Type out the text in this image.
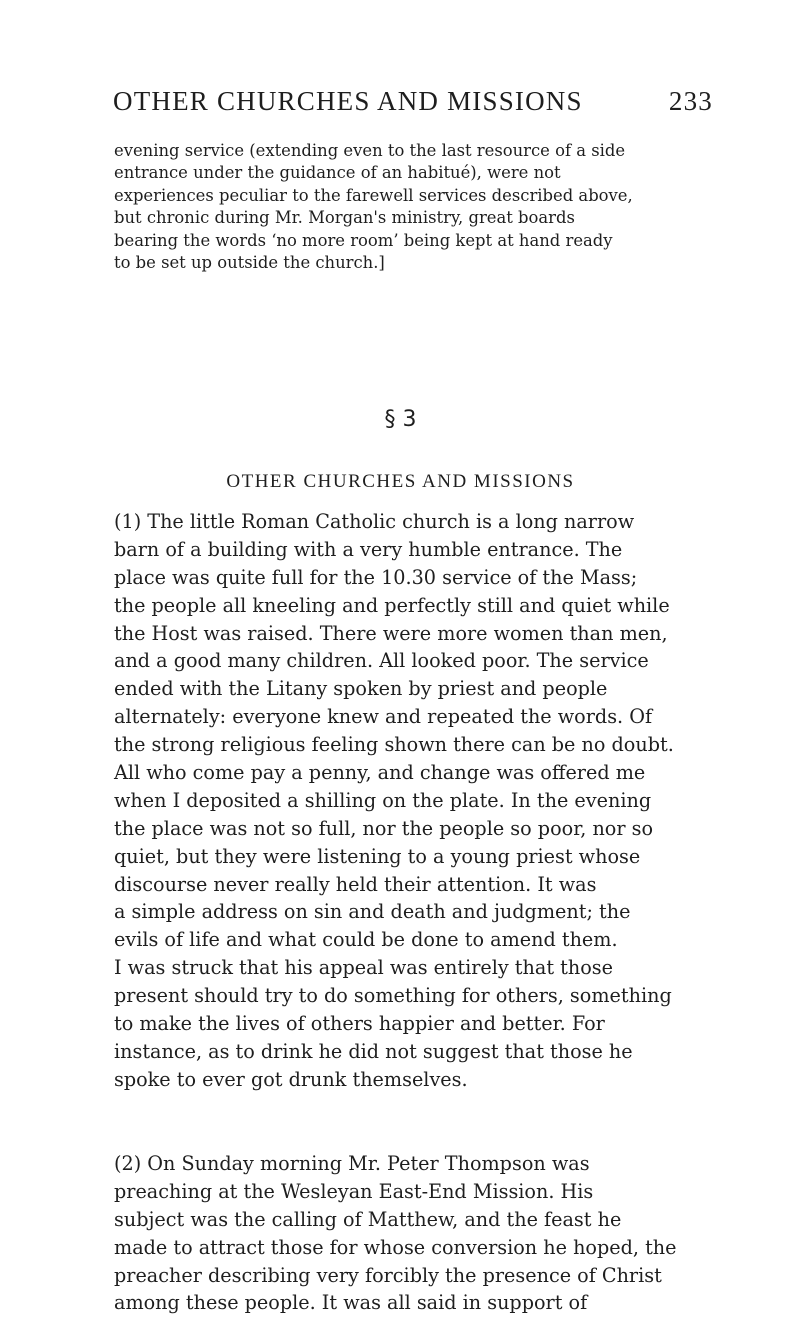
OTHER CHURCHES AND MISSIONS	233
evening service (extending even to the last resource of a side
entrance under the guidance of an habitué), were not
experiences peculiar to the farewell services described above,
but chronic during Mr. Morgan's ministry, great boards
bearing the words ‘no more room’ being kept at hand ready
to be set up outside the church.]
§ 3
OTHER CHURCHES AND MISSIONS
(1) The little Roman Catholic church is a long narrow
barn of a building with a very humble entrance. The
place was quite full for the 10.30 service of the Mass;
the people all kneeling and perfectly still and quiet while
the Host was raised. There were more women than men,
and a good many children. All looked poor. The service
ended with the Litany spoken by priest and people
alternately: everyone knew and repeated the words. Of
the strong religious feeling shown there can be no doubt.
All who come pay a penny, and change was offered me
when I deposited a shilling on the plate. In the evening
the place was not so full, nor the people so poor, nor so
quiet, but they were listening to a young priest whose
discourse never really held their attention. It was
a simple address on sin and death and judgment; the
evils of life and what could be done to amend them.
I was struck that his appeal was entirely that those
present should try to do something for others, something
to make the lives of others happier and better. For
instance, as to drink he did not suggest that those he
spoke to ever got drunk themselves.
(2) On Sunday morning Mr. Peter Thompson was
preaching at the Wesleyan East-End Mission. His
subject was the calling of Matthew, and the feast he
made to attract those for whose conversion he hoped, the
preacher describing very forcibly the presence of Christ
among these people. It was all said in support of
